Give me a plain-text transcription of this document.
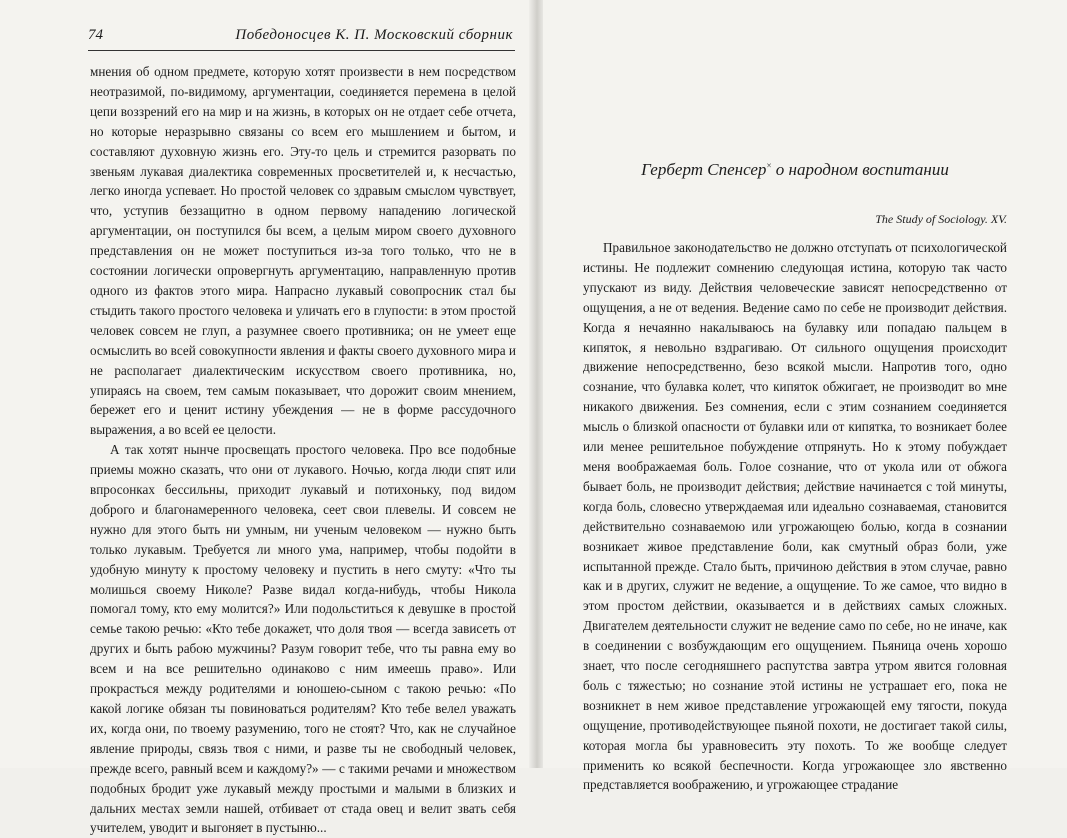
74	Победоносцев К. П. Московский сборник

мнения об одном предмете, которую хотят произвести в нем посредством неотразимой, по-видимому, аргументации, соединяется перемена в целой цепи воззрений его на мир и на жизнь, в которых он не отдает себе отчета, но которые неразрывно связаны со всем его мышлением и бытом, и составляют духовную жизнь его. Эту-то цель и стремится разорвать по звеньям лукавая диалектика современных просветителей и, к несчастью, легко иногда успевает. Но простой человек со здравым смыслом чувствует, что, уступив беззащитно в одном первому нападению логической аргументации, он поступился бы всем, а целым миром своего духовного представления он не может поступиться из-за того только, что не в состоянии логически опровергнуть аргументацию, направленную против одного из фактов этого мира. Напрасно лукавый совопросник стал бы стыдить такого простого человека и уличать его в глупости: в этом простой человек совсем не глуп, а разумнее своего противника; он не умеет еще осмыслить во всей совокупности явления и факты своего духовного мира и не располагает диалектическим искусством своего противника, но, упираясь на своем, тем самым показывает, что дорожит своим мнением, бережет его и ценит истину убеждения — не в форме рассудочного выражения, а во всей ее целости.

А так хотят нынче просвещать простого человека. Про все подобные приемы можно сказать, что они от лукавого. Ночью, когда люди спят или впросонках бессильны, приходит лукавый и потихоньку, под видом доброго и благонамеренного человека, сеет свои плевелы. И совсем не нужно для этого быть ни умным, ни ученым человеком — нужно быть только лукавым. Требуется ли много ума, например, чтобы подойти в удобную минуту к простому человеку и пустить в него смуту: «Что ты молишься своему Николе? Разве видал когда-нибудь, чтобы Никола помогал тому, кто ему молится?» Или подольститься к девушке в простой семье такою речью: «Кто тебе докажет, что доля твоя — всегда зависеть от других и быть рабою мужчины? Разум говорит тебе, что ты равна ему во всем и на все решительно одинаково с ним имеешь право». Или прокрасться между родителями и юношею-сыном с такою речью: «По какой логике обязан ты повиноваться родителям? Кто тебе велел уважать их, когда они, по твоему разумению, того не стоят? Что, как не случайное явление природы, связь твоя с ними, и разве ты не свободный человек, прежде всего, равный всем и каждому?» — с такими речами и множеством подобных бродит уже лукавый между простыми и малыми в близких и дальних местах земли нашей, отбивает от стада овец и велит звать себя учителем, уводит и выгоняет в пустыню...

Герберт Спенсер× о народном воспитании
The Study of Sociology. XV.

Правильное законодательство не должно отступать от психологической истины. Не подлежит сомнению следующая истина, которую так часто упускают из виду. Действия человеческие зависят непосредственно от ощущения, а не от ведения. Ведение само по себе не производит действия. Когда я нечаянно накалываюсь на булавку или попадаю пальцем в кипяток, я невольно вздрагиваю. От сильного ощущения происходит движение непосредственно, безо всякой мысли. Напротив того, одно сознание, что булавка колет, что кипяток обжигает, не производит во мне никакого движения. Без сомнения, если с этим сознанием соединяется мысль о близкой опасности от булавки или от кипятка, то возникает более или менее решительное побуждение отпрянуть. Но к этому побуждает меня воображаемая боль. Голое сознание, что от укола или от обжога бывает боль, не производит действия; действие начинается с той минуты, когда боль, словесно утверждаемая или идеально сознаваемая, становится действительно сознаваемою или угрожающею болью, когда в сознании возникает живое представление боли, как смутный образ боли, уже испытанной прежде. Стало быть, причиною действия в этом случае, равно как и в других, служит не ведение, а ощущение. То же самое, что видно в этом простом действии, оказывается и в действиях самых сложных. Двигателем деятельности служит не ведение само по себе, но не иначе, как в соединении с возбуждающим его ощущением. Пьяница очень хорошо знает, что после сегодняшнего распутства завтра утром явится головная боль с тяжестью; но сознание этой истины не устрашает его, пока не возникнет в нем живое представление угрожающей ему тягости, покуда ощущение, противодействующее пьяной похоти, не достигает такой силы, которая могла бы уравновесить эту похоть. То же вообще следует применить ко всякой беспечности. Когда угрожающее зло явственно представляется воображению, и угрожающее страдание
